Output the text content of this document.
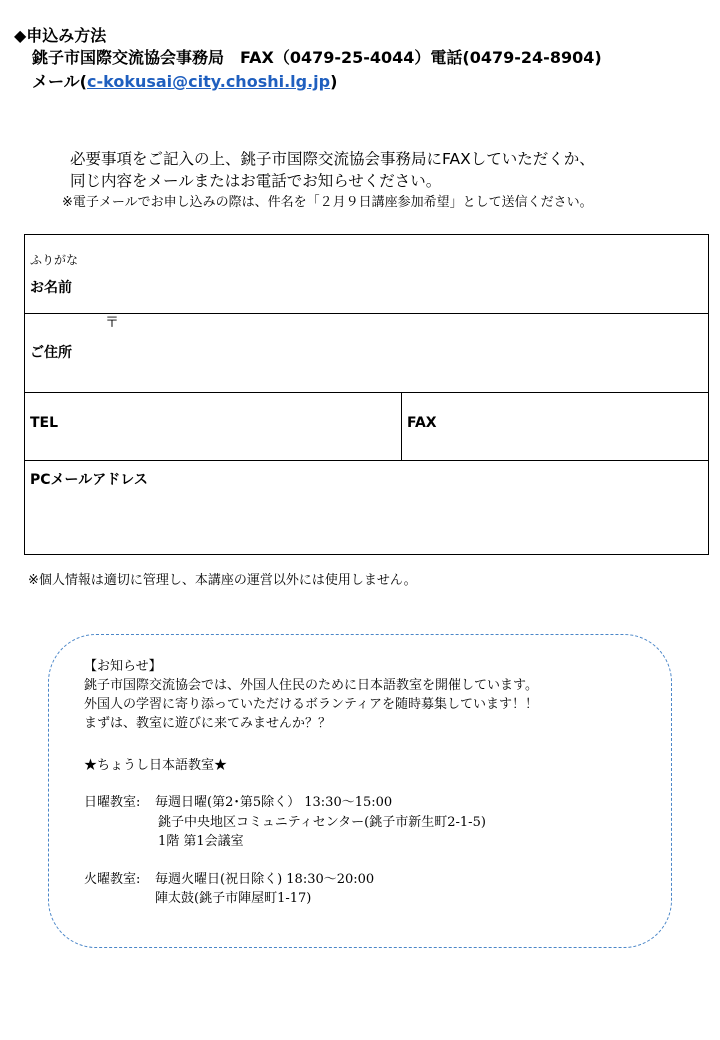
◆申込み方法
銚子市国際交流協会事務局　FAX（0479-25-4044）電話(0479-24-8904)
メール(c-kokusai@city.choshi.lg.jp)
必要事項をご記入の上、銚子市国際交流協会事務局にFAXしていただくか、
同じ内容をメールまたはお電話でお知らせください。
※電子メールでお申し込みの際は、件名を「２月９日講座参加希望」として送信ください。
ふりがな
お名前

〒
ご住所

TEL	FAX

PCメールアドレス
※個人情報は適切に管理し、本講座の運営以外には使用しません。
【お知らせ】
銚子市国際交流協会では、外国人住民のために日本語教室を開催しています。
外国人の学習に寄り添っていただけるボランティアを随時募集しています！！
まずは、教室に遊びに来てみませんか？？
★ちょうし日本語教室★
日曜教室: 毎週日曜(第2･第5除く） 13:30～15:00
銚子中央地区コミュニティセンター(銚子市新生町2-1-5)
1階 第1会議室
火曜教室: 毎週火曜日(祝日除く) 18:30～20:00
陣太鼓(銚子市陣屋町1-17)
